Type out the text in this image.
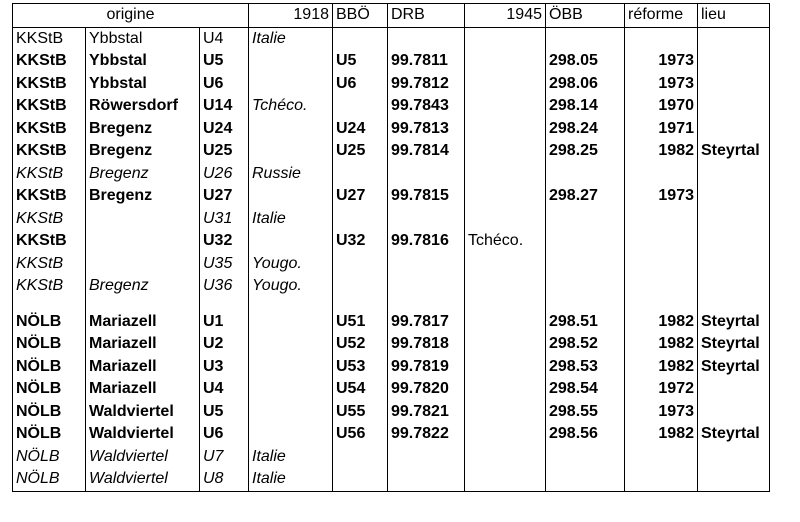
origine			1918	BBÖ	DRB	1945	ÖBB	réforme	lieu
KKStB	Ybbstal	U4	Italie						
KKStB	Ybbstal	U5		U5	99.7811		298.05	1973	
KKStB	Ybbstal	U6		U6	99.7812		298.06	1973	
KKStB	Röwersdorf	U14	Tchéco.		99.7843		298.14	1970	
KKStB	Bregenz	U24		U24	99.7813		298.24	1971	
KKStB	Bregenz	U25		U25	99.7814		298.25	1982	Steyrtal
KKStB	Bregenz	U26	Russie						
KKStB	Bregenz	U27		U27	99.7815		298.27	1973	
KKStB		U31	Italie						
KKStB		U32		U32	99.7816	Tchéco.			
KKStB		U35	Yougo.						
KKStB	Bregenz	U36	Yougo.						

NÖLB	Mariazell	U1		U51	99.7817		298.51	1982	Steyrtal
NÖLB	Mariazell	U2		U52	99.7818		298.52	1982	Steyrtal
NÖLB	Mariazell	U3		U53	99.7819		298.53	1982	Steyrtal
NÖLB	Mariazell	U4		U54	99.7820		298.54	1972	
NÖLB	Waldviertel	U5		U55	99.7821		298.55	1973	
NÖLB	Waldviertel	U6		U56	99.7822		298.56	1982	Steyrtal
NÖLB	Waldviertel	U7	Italie						
NÖLB	Waldviertel	U8	Italie						
